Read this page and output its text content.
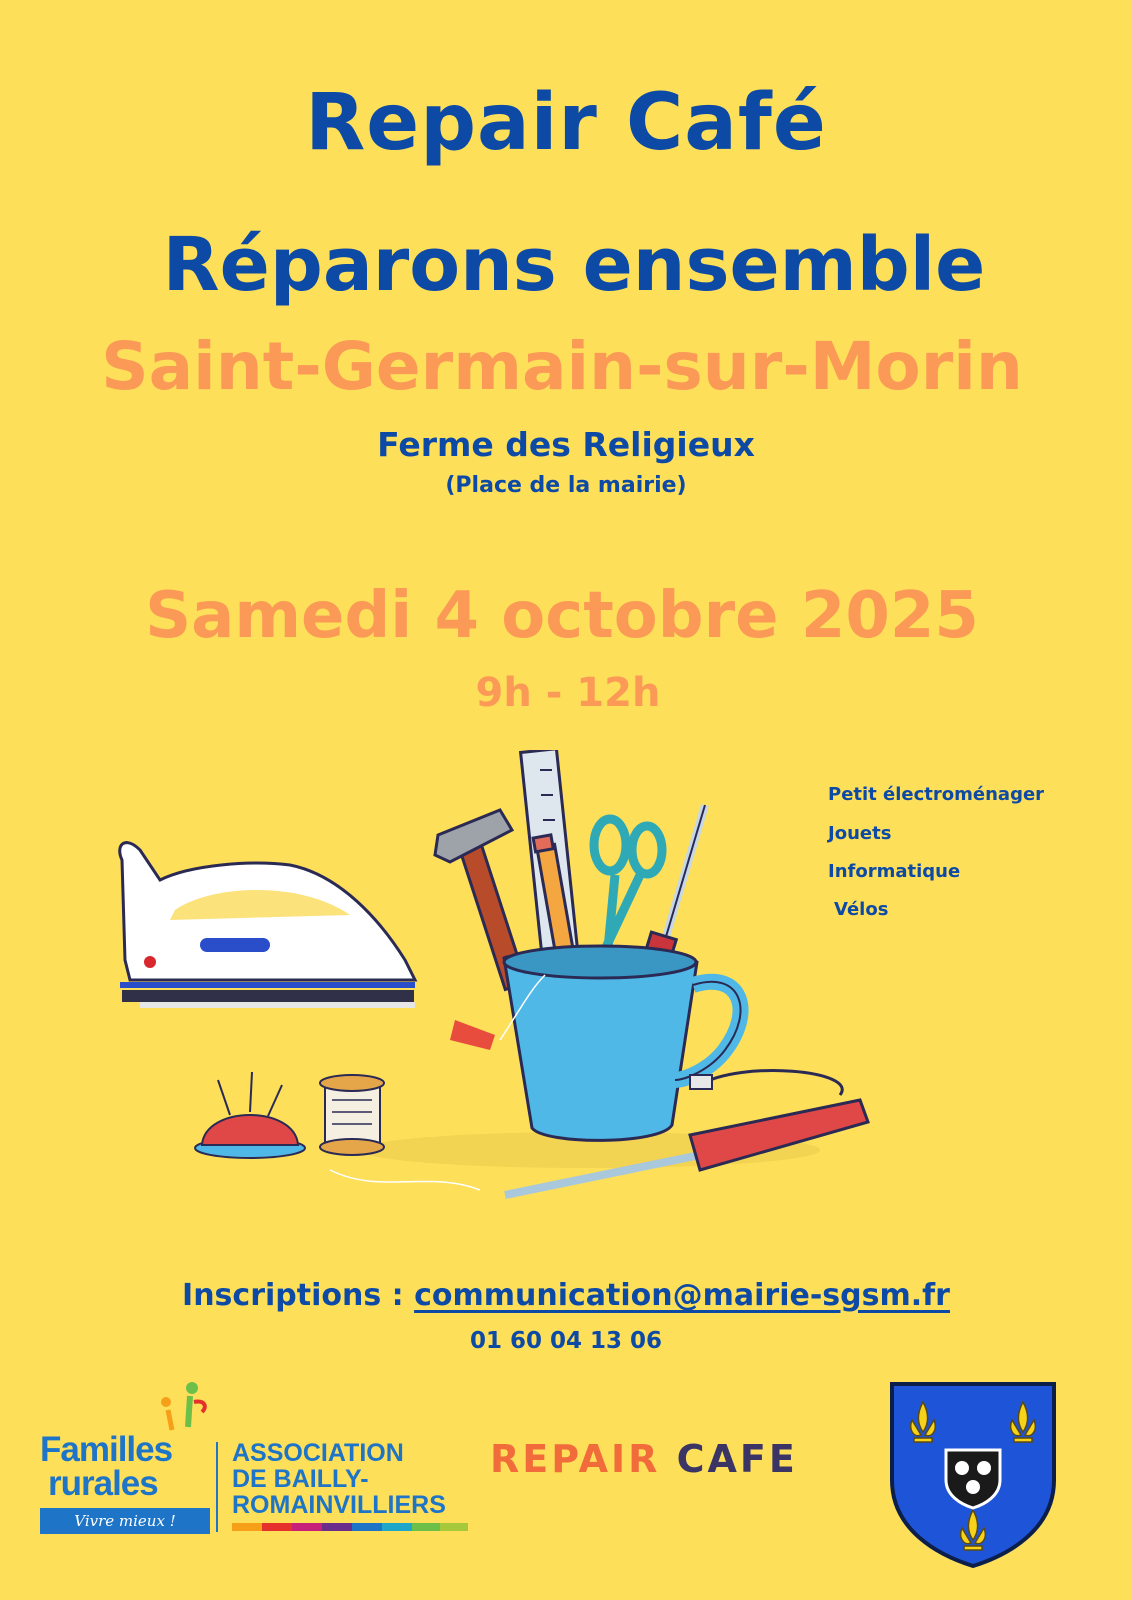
Repair Café
Réparons ensemble
Saint-Germain-sur-Morin
Ferme des Religieux
(Place de la mairie)
Samedi 4 octobre 2025
9h - 12h
Petit électroménager
Jouets
Informatique
Vélos
Inscriptions : communication@mairie-sgsm.fr
01 60 04 13 06
Familles
rurales
Vivre mieux !
ASSOCIATION
DE BAILLY-
ROMAINVILLIERS
REPAIR CAFE
